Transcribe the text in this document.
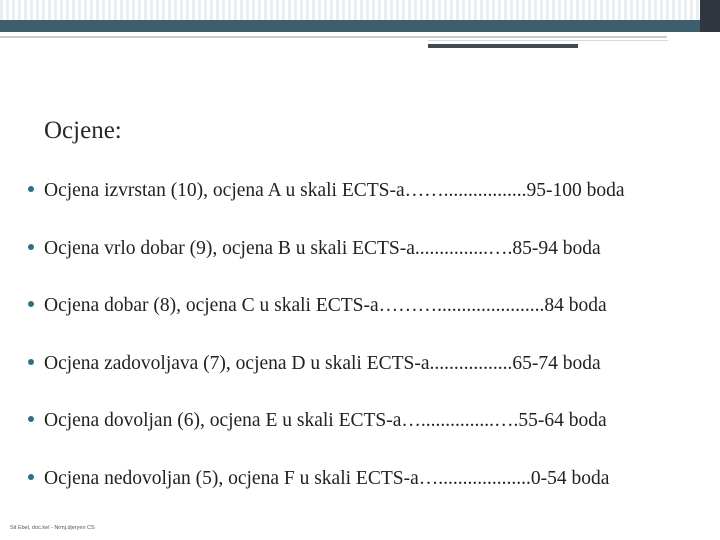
Ocjene:
Ocjena izvrstan (10), ocjena A u skali ECTS-a…….................95-100 boda
Ocjena vrlo dobar (9), ocjena B u skali ECTS-a...............….85-94 boda
Ocjena dobar (8), ocjena C u skali ECTS-a………......................84 boda
Ocjena zadovoljava (7), ocjena D u skali ECTS-a.................65-74 boda
Ocjena dovoljan (6), ocjena E u skali ECTS-a…...............….55-64 boda
Ocjena nedovoljan (5), ocjena F u skali ECTS-a…...................0-54 boda
Sit Ebel, doc.kel - Nrmj.djeryen CS
